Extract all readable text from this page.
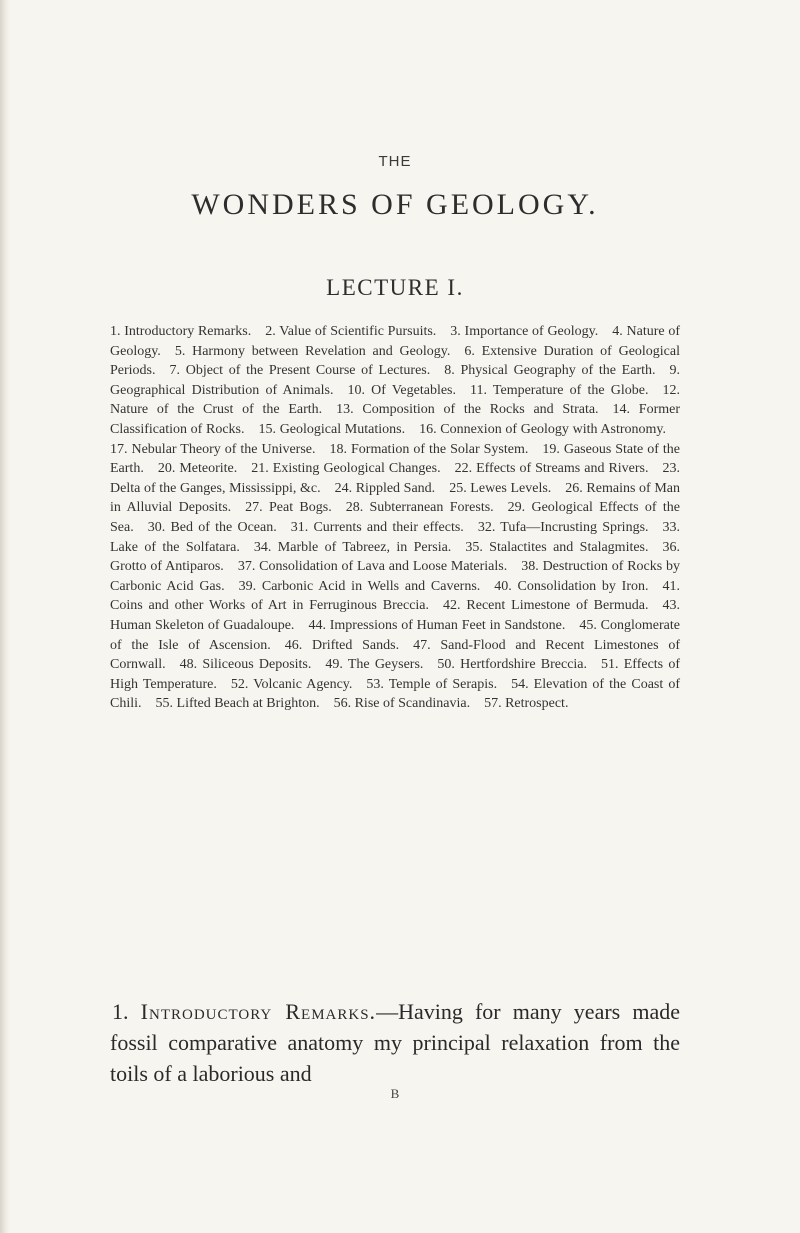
THE
WONDERS OF GEOLOGY.
LECTURE I.
1. Introductory Remarks.  2. Value of Scientific Pursuits.  3. Importance of Geology.  4. Nature of Geology.  5. Harmony between Revelation and Geology.  6. Extensive Duration of Geological Periods.  7. Object of the Present Course of Lectures.  8. Physical Geography of the Earth.  9. Geographical Distribution of Animals.  10. Of Vegetables.  11. Temperature of the Globe.  12. Nature of the Crust of the Earth.  13. Composition of the Rocks and Strata.  14. Former Classification of Rocks.  15. Geological Mutations.  16. Connexion of Geology with Astronomy. 17. Nebular Theory of the Universe.  18. Formation of the Solar System.  19. Gaseous State of the Earth.  20. Meteorite.  21. Existing Geological Changes.  22. Effects of Streams and Rivers.  23. Delta of the Ganges, Mississippi, &c.  24. Rippled Sand.  25. Lewes Levels.  26. Remains of Man in Alluvial Deposits.  27. Peat Bogs.  28. Subterranean Forests.  29. Geological Effects of the Sea.  30. Bed of the Ocean.  31. Currents and their effects.  32. Tufa—Incrusting Springs.  33. Lake of the Solfatara.  34. Marble of Tabreez, in Persia.  35. Stalactites and Stalagmites.  36. Grotto of Antiparos.  37. Consolidation of Lava and Loose Materials.  38. Destruction of Rocks by Carbonic Acid Gas.  39. Carbonic Acid in Wells and Caverns.  40. Consolidation by Iron.  41. Coins and other Works of Art in Ferruginous Breccia.  42. Recent Limestone of Bermuda.  43. Human Skeleton of Guadaloupe.  44. Impressions of Human Feet in Sandstone.  45. Conglomerate of the Isle of Ascension.  46. Drifted Sands.  47. Sand-Flood and Recent Limestones of Cornwall.  48. Siliceous Deposits.  49. The Geysers.  50. Hertfordshire Breccia.  51. Effects of High Temperature.  52. Volcanic Agency.  53. Temple of Serapis.  54. Elevation of the Coast of Chili.  55. Lifted Beach at Brighton.  56. Rise of Scandinavia.  57. Retrospect. 
1. Introductory Remarks.—Having for many years made fossil comparative anatomy my principal relaxation from the toils of a laborious and
B
